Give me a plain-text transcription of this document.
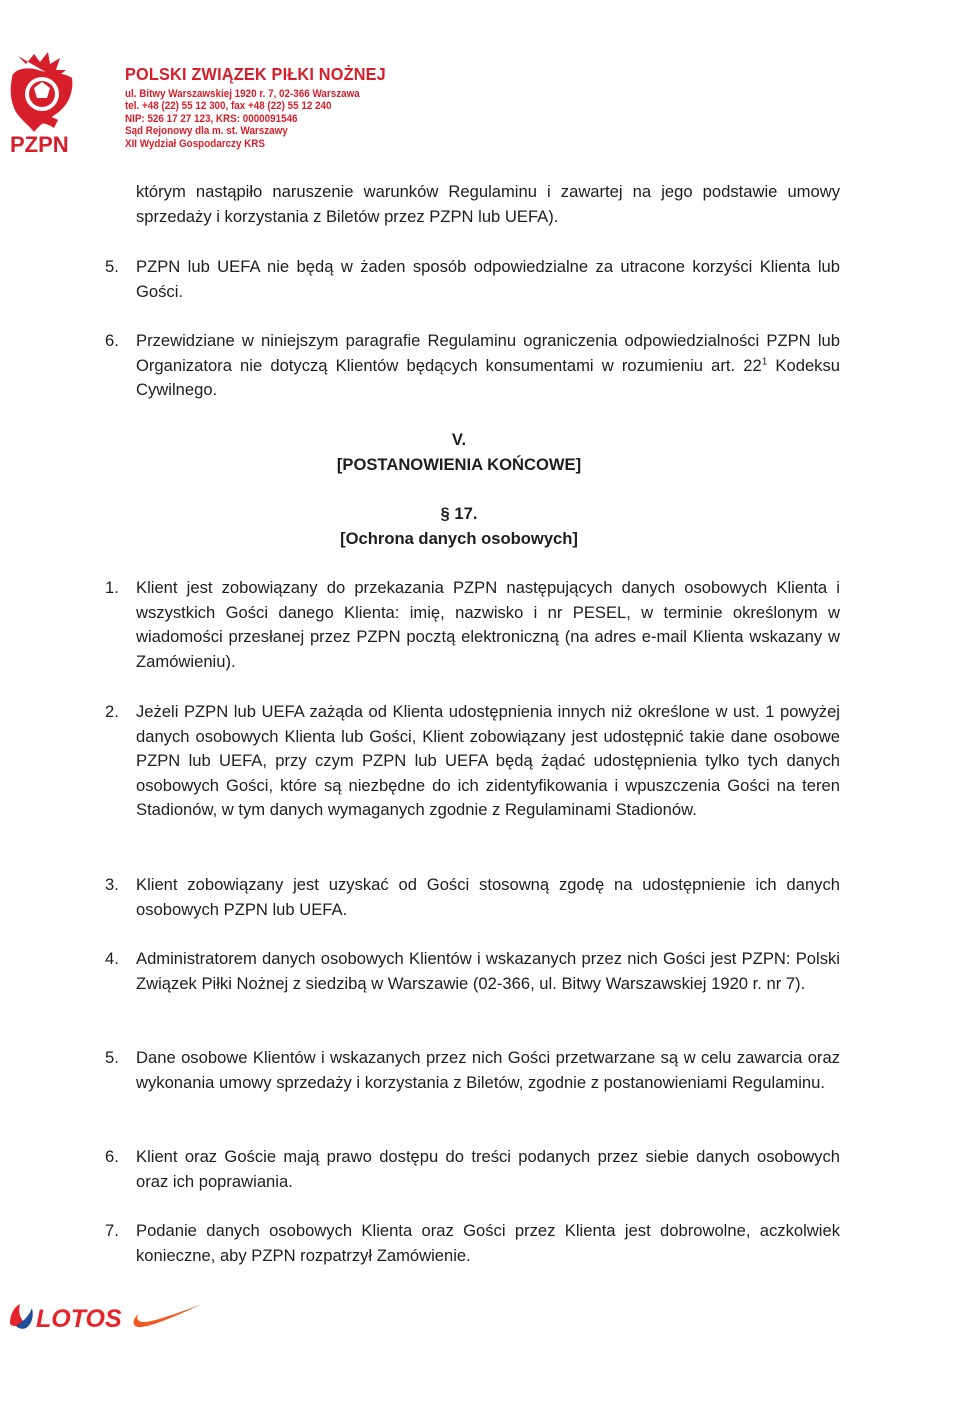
PZPN
POLSKI ZWIĄZEK PIŁKI NOŻNEJ
ul. Bitwy Warszawskiej 1920 r. 7, 02-366 Warszawa
tel. +48 (22) 55 12 300, fax +48 (22) 55 12 240
NIP: 526 17 27 123, KRS: 0000091546
Sąd Rejonowy dla m. st. Warszawy
XII Wydział Gospodarczy KRS
którym nastąpiło naruszenie warunków Regulaminu i zawartej na jego podstawie umowy sprzedaży i korzystania z Biletów przez PZPN lub UEFA).
5.	PZPN lub UEFA nie będą w żaden sposób odpowiedzialne za utracone korzyści Klienta lub Gości.
6.	Przewidziane w niniejszym paragrafie Regulaminu ograniczenia odpowiedzialności PZPN lub Organizatora nie dotyczą Klientów będących konsumentami w rozumieniu art. $22^1$ Kodeksu Cywilnego.
V.
[POSTANOWIENIA KOŃCOWE]
§ 17.
[Ochrona danych osobowych]
1.	Klient jest zobowiązany do przekazania PZPN następujących danych osobowych Klienta i wszystkich Gości danego Klienta: imię, nazwisko i nr PESEL, w terminie określonym w wiadomości przesłanej przez PZPN pocztą elektroniczną (na adres e-mail Klienta wskazany w Zamówieniu).
2.	Jeżeli PZPN lub UEFA zażąda od Klienta udostępnienia innych niż określone w ust. 1 powyżej danych osobowych Klienta lub Gości, Klient zobowiązany jest udostępnić takie dane osobowe PZPN lub UEFA, przy czym PZPN lub UEFA będą żądać udostępnienia tylko tych danych osobowych Gości, które są niezbędne do ich zidentyfikowania i wpuszczenia Gości na teren Stadionów, w tym danych wymaganych zgodnie z Regulaminami Stadionów.
3.	Klient zobowiązany jest uzyskać od Gości stosowną zgodę na udostępnienie ich danych osobowych PZPN lub UEFA.
4.	Administratorem danych osobowych Klientów i wskazanych przez nich Gości jest PZPN: Polski Związek Piłki Nożnej z siedzibą w Warszawie (02-366, ul. Bitwy Warszawskiej 1920 r. nr 7).
5.	Dane osobowe Klientów i wskazanych przez nich Gości przetwarzane są w celu zawarcia oraz wykonania umowy sprzedaży i korzystania z Biletów, zgodnie z postanowieniami Regulaminu.
6.	Klient oraz Goście mają prawo dostępu do treści podanych przez siebie danych osobowych oraz ich poprawiania.
7.	Podanie danych osobowych Klienta oraz Gości przez Klienta jest dobrowolne, aczkolwiek konieczne, aby PZPN rozpatrzył Zamówienie.
LOTOS
